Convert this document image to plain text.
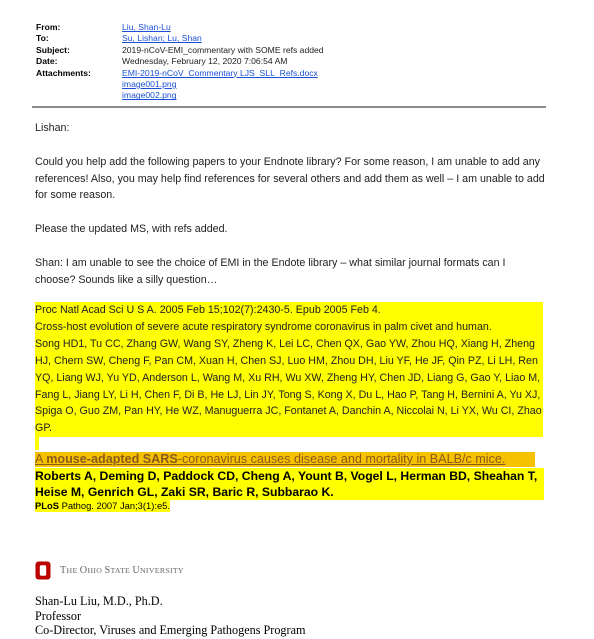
From:	Liu, Shan-Lu
To:	Su, Lishan; Lu, Shan
Subject:	2019-nCoV-EMI_commentary with SOME refs added
Date:	Wednesday, February 12, 2020 7:06:54 AM
Attachments:	EMI-2019-nCoV_Commentary LJS_SLL_Refs.docx
image001.png
image002.png

Lishan:

Could you help add the following papers to your Endnote library? For some reason, I am unable to add any references! Also, you may help find references for several others and add them as well – I am unable to add for some reason.

Please the updated MS, with refs added.

Shan: I am unable to see the choice of EMI in the Endote library – what similar journal formats can I choose? Sounds like a silly question…

Proc Natl Acad Sci U S A. 2005 Feb 15;102(7):2430-5. Epub 2005 Feb 4.

Cross-host evolution of severe acute respiratory syndrome coronavirus in palm civet and human.

Song HD1, Tu CC, Zhang GW, Wang SY, Zheng K, Lei LC, Chen QX, Gao YW, Zhou HQ, Xiang H, Zheng HJ, Chern SW, Cheng F, Pan CM, Xuan H, Chen SJ, Luo HM, Zhou DH, Liu YF, He JF, Qin PZ, Li LH, Ren YQ, Liang WJ, Yu YD, Anderson L, Wang M, Xu RH, Wu XW, Zheng HY, Chen JD, Liang G, Gao Y, Liao M, Fang L, Jiang LY, Li H, Chen F, Di B, He LJ, Lin JY, Tong S, Kong X, Du L, Hao P, Tang H, Bernini A, Yu XJ, Spiga O, Guo ZM, Pan HY, He WZ, Manuguerra JC, Fontanet A, Danchin A, Niccolai N, Li YX, Wu CI, Zhao GP.

A mouse-adapted SARS-coronavirus causes disease and mortality in BALB/c mice.
Roberts A, Deming D, Paddock CD, Cheng A, Yount B, Vogel L, Herman BD, Sheahan T, Heise M, Genrich GL, Zaki SR, Baric R, Subbarao K.
PLoS Pathog. 2007 Jan;3(1):e5.
THE OHIO STATE UNIVERSITY
Shan-Lu Liu, M.D., Ph.D.
Professor
Co-Director, Viruses and Emerging Pathogens Program
